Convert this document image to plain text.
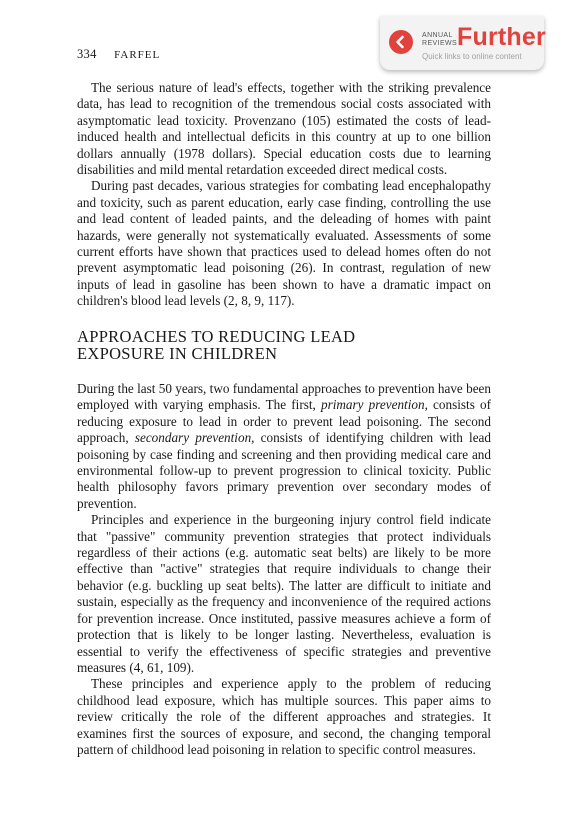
334 FARFEL
ANNUAL
REVIEWS Further
Quick links to online content

The serious nature of lead's effects, together with the striking prevalence data, has lead to recognition of the tremendous social costs associated with asymptomatic lead toxicity. Provenzano (105) estimated the costs of lead-induced health and intellectual deficits in this country at up to one billion dollars annually (1978 dollars). Special education costs due to learning disabilities and mild mental retardation exceeded direct medical costs.

During past decades, various strategies for combating lead encephalopathy and toxicity, such as parent education, early case finding, controlling the use and lead content of leaded paints, and the deleading of homes with paint hazards, were generally not systematically evaluated. Assessments of some current efforts have shown that practices used to delead homes often do not prevent asymptomatic lead poisoning (26). In contrast, regulation of new inputs of lead in gasoline has been shown to have a dramatic impact on children's blood lead levels (2, 8, 9, 117).

APPROACHES TO REDUCING LEAD
EXPOSURE IN CHILDREN

During the last 50 years, two fundamental approaches to prevention have been employed with varying emphasis. The first, primary prevention, consists of reducing exposure to lead in order to prevent lead poisoning. The second approach, secondary prevention, consists of identifying children with lead poisoning by case finding and screening and then providing medical care and environmental follow-up to prevent progression to clinical toxicity. Public health philosophy favors primary prevention over secondary modes of prevention.

Principles and experience in the burgeoning injury control field indicate that "passive" community prevention strategies that protect individuals regardless of their actions (e.g. automatic seat belts) are likely to be more effective than "active" strategies that require individuals to change their behavior (e.g. buckling up seat belts). The latter are difficult to initiate and sustain, especially as the frequency and inconvenience of the required actions for prevention increase. Once instituted, passive measures achieve a form of protection that is likely to be longer lasting. Nevertheless, evaluation is essential to verify the effectiveness of specific strategies and preventive measures (4, 61, 109).

These principles and experience apply to the problem of reducing childhood lead exposure, which has multiple sources. This paper aims to review critically the role of the different approaches and strategies. It examines first the sources of exposure, and second, the changing temporal pattern of childhood lead poisoning in relation to specific control measures.
